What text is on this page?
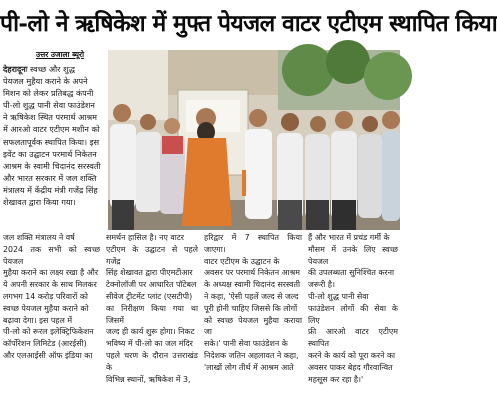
पी-लो ने ऋषिकेश में मुफ्त पेयजल वाटर एटीएम स्थापित किया
उत्तर उजाला ब्यूरो
देहरादूनः स्वच्छ और शुद्ध
पेयजल मुहैया कराने के अपने
मिशन को लेकर प्रतिबद्ध कंपनी
पी-लो शुद्ध पानी सेवा फाउंडेशन
ने ऋषिकेश स्थित परमार्थ आश्रम
में आरओ वाटर एटीएम मशीन को
सफलतापूर्वक स्थापित किया। इस
इवेंट का उद्घाटन परमार्थ निकेतन
आश्रम के स्वामी चिदानंद सरस्वती
और भारत सरकार में जल शक्ति
मंत्रालय में केंद्रीय मंत्री गजेंद्र सिंह
शेखावत द्वारा किया गया।
जल शक्ति मंत्रालय ने वर्ष
2024 तक सभी को स्वच्छ पेयजल
मुहैया कराने का लक्ष्य रखा है और
ये अपनी सरकार के साथ मिलकर
लगभग 14 करोड़ परिवारों को
स्वच्छ पेयजल मुहैया कराने को
बढ़ावा देगा। इस पहल में
पी-लो को रूरल इलेक्ट्रिफिकेशन
कॉर्पोरेशन लिमिटेड (आरईसी)
और एलआईसी ऑफ इंडिया का
समर्थन हासिल है। नए वाटर
एटीएम के उद्घाटन से पहले गजेंद्र
सिंह शेखावत द्वारा पीएमटीआर
टेक्नोलॉजी पर आधारित पॉटेबल
सीवेज ट्रीटमेंट प्लांट (एसटीपी)
का निरीक्षण किया गया था जिसमें
जल्द ही कार्य शुरू होगा। निकट
भविष्य में पी-लो का जल मंदिर
पहले चरण के दौरान उत्तराखंड के
विभिन्न स्थानों, ऋषिकेश में 3,
हरिद्वार में 7 स्थापित किया जाएगा।
वाटर एटीएम के उद्घाटन के
अवसर पर परमार्थ निकेतन आश्रम
के अध्यक्ष स्वामी चिदानंद सरस्वती
ने कहा, 'ऐसी पहलें जल्द से जल्द
पूरी होनी चाहिए जिससे कि लोगों
को स्वच्छ पेयजल मुहैया कराया जा
सके।' पानी सेवा फाउंडेशन के
निदेशक जतिन अहलावत ने कहा,
'लाखों लोग तीर्थ में आश्रम आते
हैं और भारत में प्रचंड गर्मी के
मौसम में उनके लिए स्वच्छ पेयजल
की उपलब्धता सुनिश्चित करना
जरूरी है।
पी-लो शुद्ध पानी सेवा
फाउंडेशन लोगों की सेवा के लिए
फ्री आरओ वाटर एटीएम स्थापित
करने के कार्य को पूरा करने का
अवसर पाकर बेहद गौरवान्वित
महसूस कर रहा है।'
